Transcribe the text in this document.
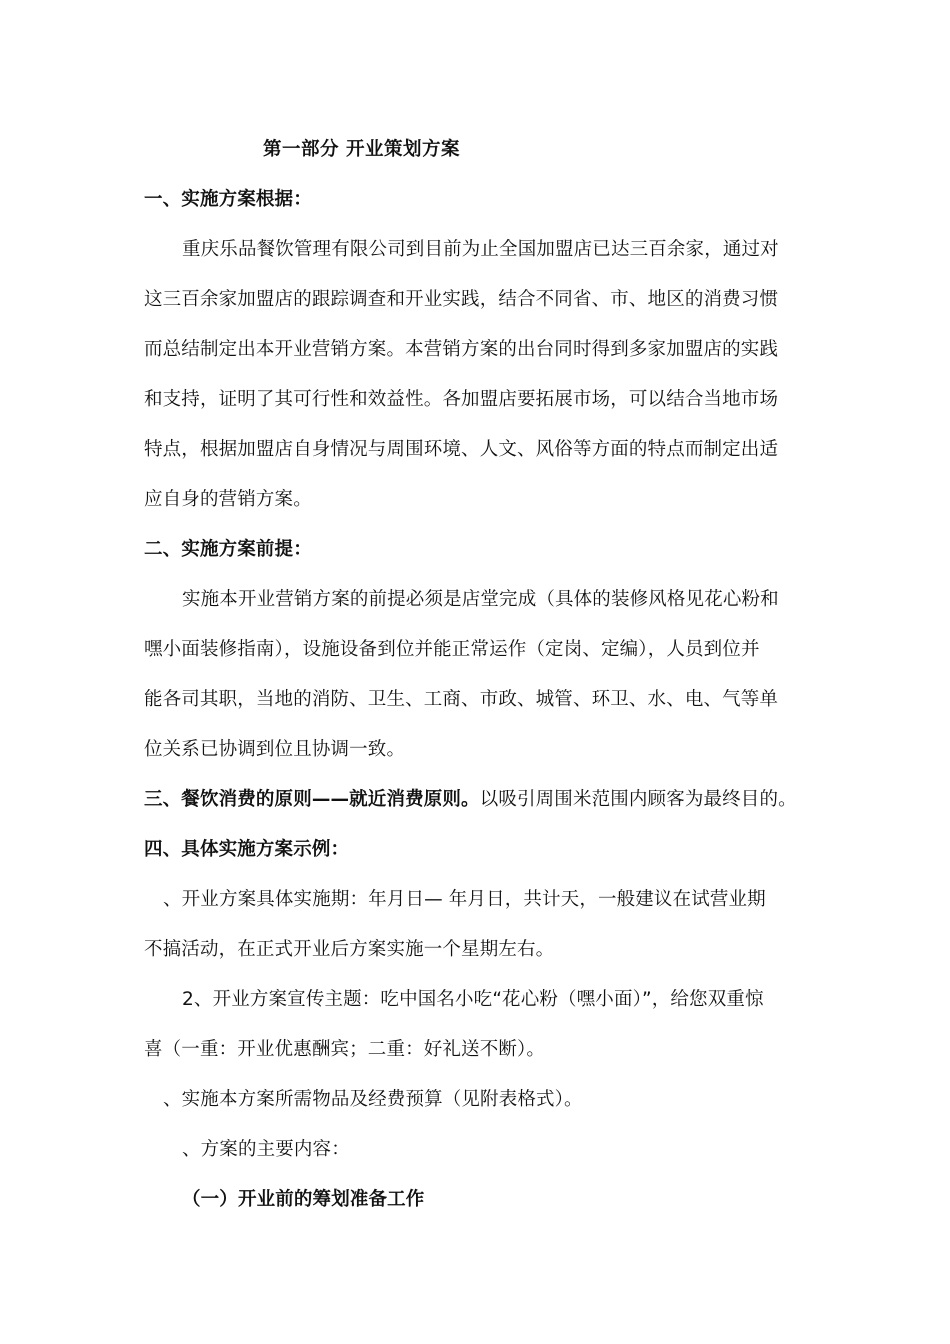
第一部分 开业策划方案
一、实施方案根据：
重庆乐品餐饮管理有限公司到目前为止全国加盟店已达三百余家，通过对
这三百余家加盟店的跟踪调查和开业实践，结合不同省、市、地区的消费习惯
而总结制定出本开业营销方案。本营销方案的出台同时得到多家加盟店的实践
和支持，证明了其可行性和效益性。各加盟店要拓展市场，可以结合当地市场
特点，根据加盟店自身情况与周围环境、人文、风俗等方面的特点而制定出适
应自身的营销方案。
二、实施方案前提：
实施本开业营销方案的前提必须是店堂完成（具体的装修风格见花心粉和
嘿小面装修指南），设施设备到位并能正常运作（定岗、定编），人员到位并
能各司其职，当地的消防、卫生、工商、市政、城管、环卫、水、电、气等单
位关系已协调到位且协调一致。
三、餐饮消费的原则——就近消费原则。以吸引周围米范围内顾客为最终目的。
四、具体实施方案示例：
、开业方案具体实施期：年月日— 年月日，共计天，一般建议在试营业期
不搞活动，在正式开业后方案实施一个星期左右。
2、开业方案宣传主题：吃中国名小吃“花心粉（嘿小面）”，给您双重惊
喜（一重：开业优惠酬宾；二重：好礼送不断）。
、实施本方案所需物品及经费预算（见附表格式）。
、方案的主要内容：
（一）开业前的筹划准备工作
